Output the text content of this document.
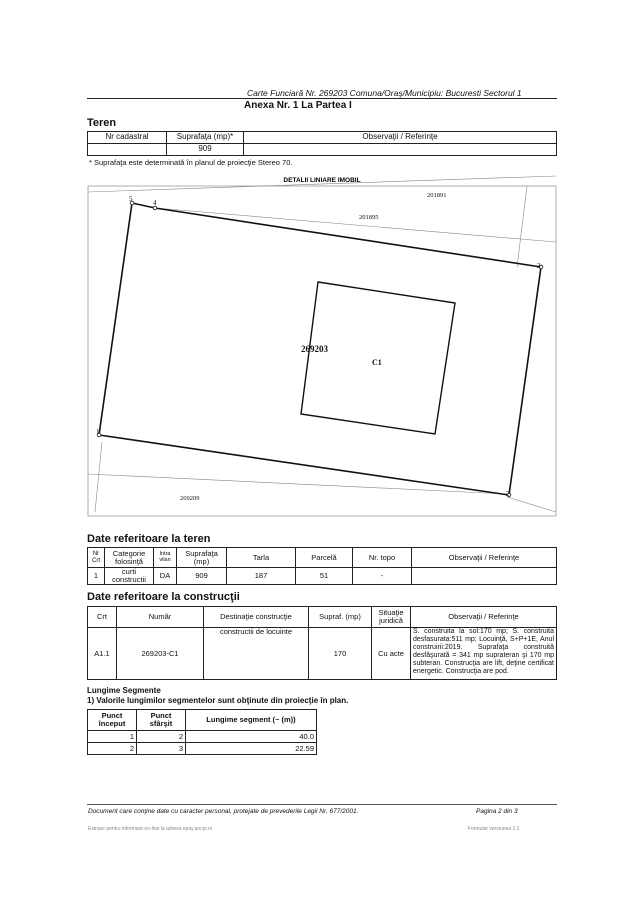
Carte Funciară Nr. 269203 Comuna/Oraş/Municipiu: Bucuresti Sectorul 1
Anexa Nr. 1 La Partea I
Teren
Nr cadastral	Suprafaţa (mp)*	Observaţii / Referinţe
	909	
* Suprafaţa este determinată în planul de proiecţie Stereo 70.
DETALII LINIARE IMOBIL
5	4
3
2
1
201891
201895
269209
269203
C1
Date referitoare la teren
Nr Crt	Categorie folosinţă	Intra vilan	Suprafaţa (mp)	Tarla	Parcelă	Nr. topo	Observaţii / Referinţe
1	curti constructii	DA	909	187	51	-	
Date referitoare la construcţii
Crt	Număr	Destinaţie construcţie	Supraf. (mp)	Situaţie juridică	Observaţii / Referinţe
A1.1	269203-C1	constructii de locuinte	170	Cu acte	S. construita la sol:170 mp; S. construita desfasurata:511 mp; Locuinţă, S+P+1E, Anul construirii:2019. Suprafaţa construită desfăşurată = 341 mp suprateran şi 170 mp subteran. Construcţia are lift, deţine certificat energetic. Construcţia are pod.
Lungime Segmente
1) Valorile lungimilor segmentelor sunt obţinute din proiecţie în plan.
Punct început	Punct sfârşit	Lungime segment (~ (m))
1	2	40.0
2	3	22.59
Document care conţine date cu caracter personal, protejate de prevederile Legii Nr. 677/2001.	Pagina 2 din 3
Extrase pentru informare on-line la adresa epay.ancpi.ro	Formular versiunea 1.1
